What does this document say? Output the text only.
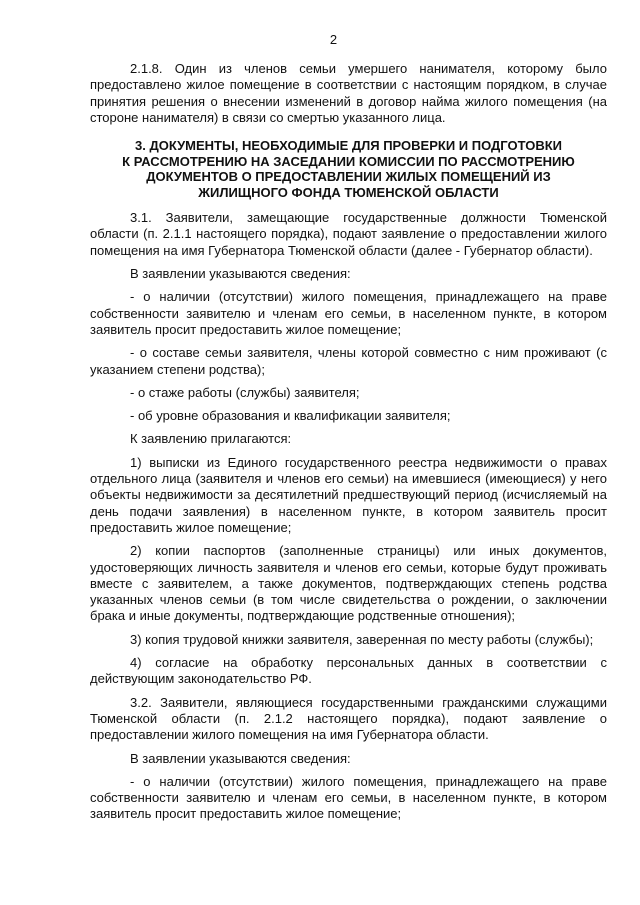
2

2.1.8. Один из членов семьи умершего нанимателя, которому было предоставлено жилое помещение в соответствии с настоящим порядком, в случае принятия решения о внесении изменений в договор найма жилого помещения (на стороне нанимателя) в связи со смертью указанного лица.

3. ДОКУМЕНТЫ, НЕОБХОДИМЫЕ ДЛЯ ПРОВЕРКИ И ПОДГОТОВКИ
К РАССМОТРЕНИЮ НА ЗАСЕДАНИИ КОМИССИИ ПО РАССМОТРЕНИЮ
ДОКУМЕНТОВ О ПРЕДОСТАВЛЕНИИ ЖИЛЫХ ПОМЕЩЕНИЙ ИЗ
ЖИЛИЩНОГО ФОНДА ТЮМЕНСКОЙ ОБЛАСТИ

3.1. Заявители, замещающие государственные должности Тюменской области (п. 2.1.1 настоящего порядка), подают заявление о предоставлении жилого помещения на имя Губернатора Тюменской области (далее - Губернатор области).

В заявлении указываются сведения:

- о наличии (отсутствии) жилого помещения, принадлежащего на праве собственности заявителю и членам его семьи, в населенном пункте, в котором заявитель просит предоставить жилое помещение;

- о составе семьи заявителя, члены которой совместно с ним проживают (с указанием степени родства);

- о стаже работы (службы) заявителя;

- об уровне образования и квалификации заявителя;

К заявлению прилагаются:

1) выписки из Единого государственного реестра недвижимости о правах отдельного лица (заявителя и членов его семьи) на имевшиеся (имеющиеся) у него объекты недвижимости за десятилетний предшествующий период (исчисляемый на день подачи заявления) в населенном пункте, в котором заявитель просит предоставить жилое помещение;

2) копии паспортов (заполненные страницы) или иных документов, удостоверяющих личность заявителя и членов его семьи, которые будут проживать вместе с заявителем, а также документов, подтверждающих степень родства указанных членов семьи (в том числе свидетельства о рождении, о заключении брака и иные документы, подтверждающие родственные отношения);

3) копия трудовой книжки заявителя, заверенная по месту работы (службы);

4) согласие на обработку персональных данных в соответствии с действующим законодательство РФ.

3.2. Заявители, являющиеся государственными гражданскими служащими Тюменской области (п. 2.1.2 настоящего порядка), подают заявление о предоставлении жилого помещения на имя Губернатора области.

В заявлении указываются сведения:

- о наличии (отсутствии) жилого помещения, принадлежащего на праве собственности заявителю и членам его семьи, в населенном пункте, в котором заявитель просит предоставить жилое помещение;
